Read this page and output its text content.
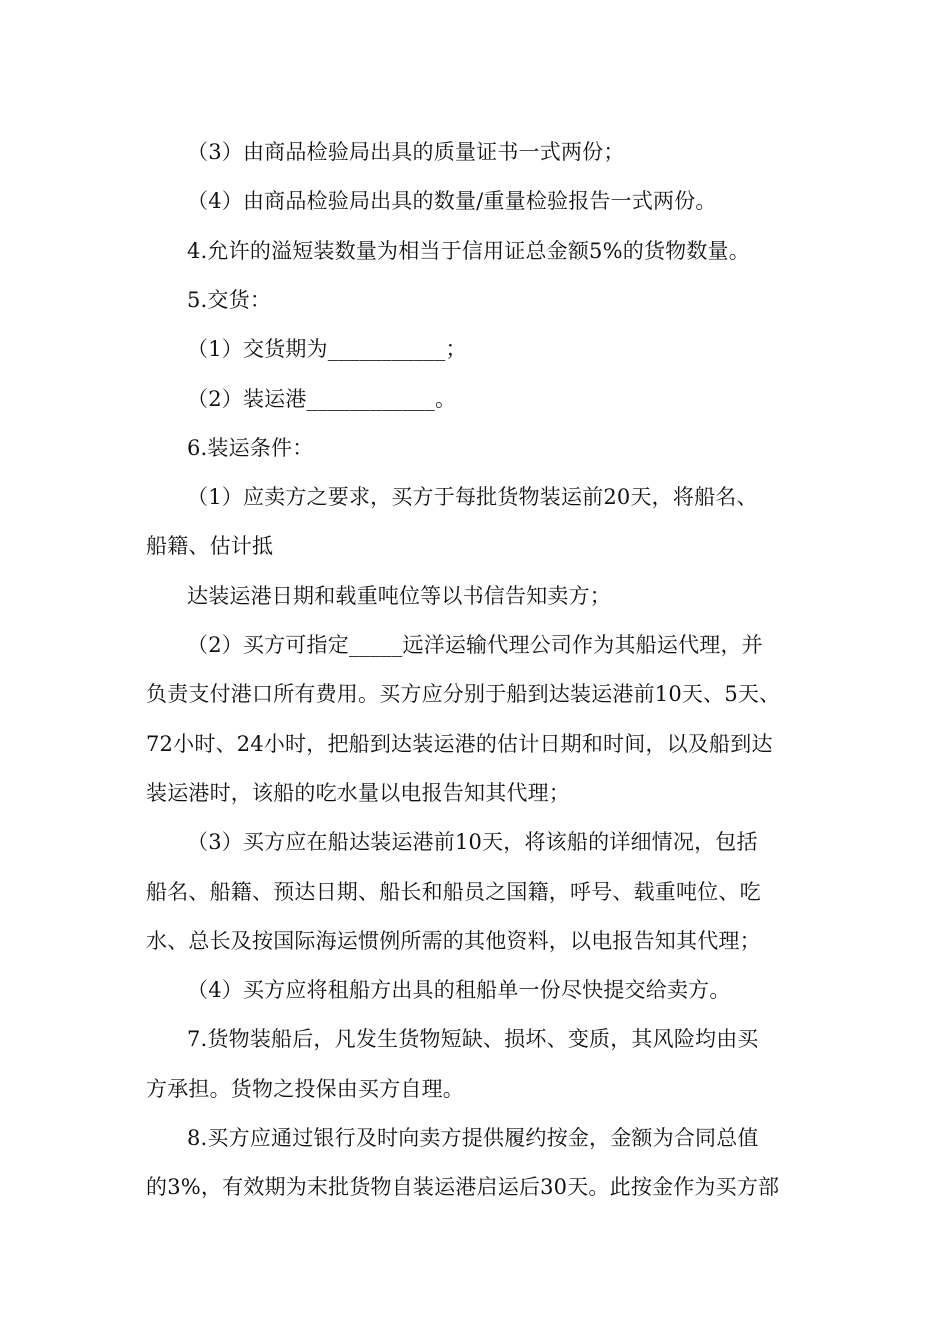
（3）由商品检验局出具的质量证书一式两份；
（4）由商品检验局出具的数量/重量检验报告一式两份。
4.允许的溢短装数量为相当于信用证总金额5%的货物数量。
5.交货：
（1）交货期为___________；
（2）装运港____________。
6.装运条件：
（1）应卖方之要求，买方于每批货物装运前20天，将船名、
船籍、估计抵
达装运港日期和载重吨位等以书信告知卖方；
（2）买方可指定_____远洋运输代理公司作为其船运代理，并
负责支付港口所有费用。买方应分别于船到达装运港前10天、5天、
72小时、24小时，把船到达装运港的估计日期和时间，以及船到达
装运港时，该船的吃水量以电报告知其代理；
（3）买方应在船达装运港前10天，将该船的详细情况，包括
船名、船籍、预达日期、船长和船员之国籍，呼号、载重吨位、吃
水、总长及按国际海运惯例所需的其他资料，以电报告知其代理；
（4）买方应将租船方出具的租船单一份尽快提交给卖方。
7.货物装船后，凡发生货物短缺、损坏、变质，其风险均由买
方承担。货物之投保由买方自理。
8.买方应通过银行及时向卖方提供履约按金，金额为合同总值
的3%，有效期为末批货物自装运港启运后30天。此按金作为买方部
